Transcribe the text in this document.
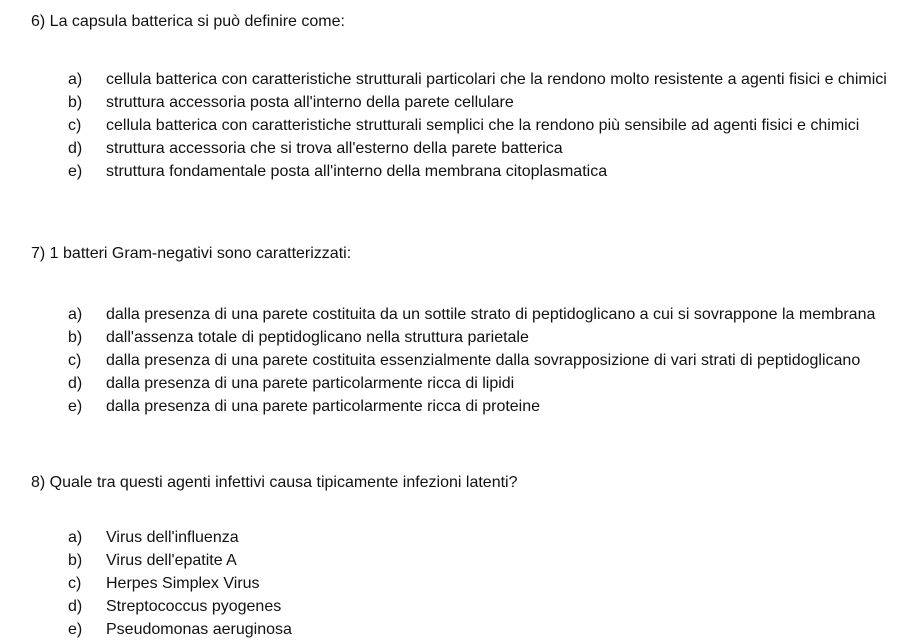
6) La capsula batterica si può definire come:

a)	cellula batterica con caratteristiche strutturali particolari che la rendono molto resistente a agenti fisici e chimici
b)	struttura accessoria posta all'interno della parete cellulare
c)	cellula batterica con caratteristiche strutturali semplici che la rendono più sensibile ad agenti fisici e chimici
d)	struttura accessoria che si trova all'esterno della parete batterica
e)	struttura fondamentale posta all'interno della membrana citoplasmatica

7) 1 batteri Gram-negativi sono caratterizzati:

a)	dalla presenza di una parete costituita da un sottile strato di peptidoglicano a cui si sovrappone la membrana
b)	dall'assenza totale di peptidoglicano nella struttura parietale
c)	dalla presenza di una parete costituita essenzialmente dalla sovrapposizione di vari strati di peptidoglicano
d)	dalla presenza di una parete particolarmente ricca di lipidi
e)	dalla presenza di una parete particolarmente ricca di proteine

8) Quale tra questi agenti infettivi causa tipicamente infezioni latenti?

a)	Virus dell'influenza
b)	Virus dell'epatite A
c)	Herpes Simplex Virus
d)	Streptococcus pyogenes
e)	Pseudomonas aeruginosa
